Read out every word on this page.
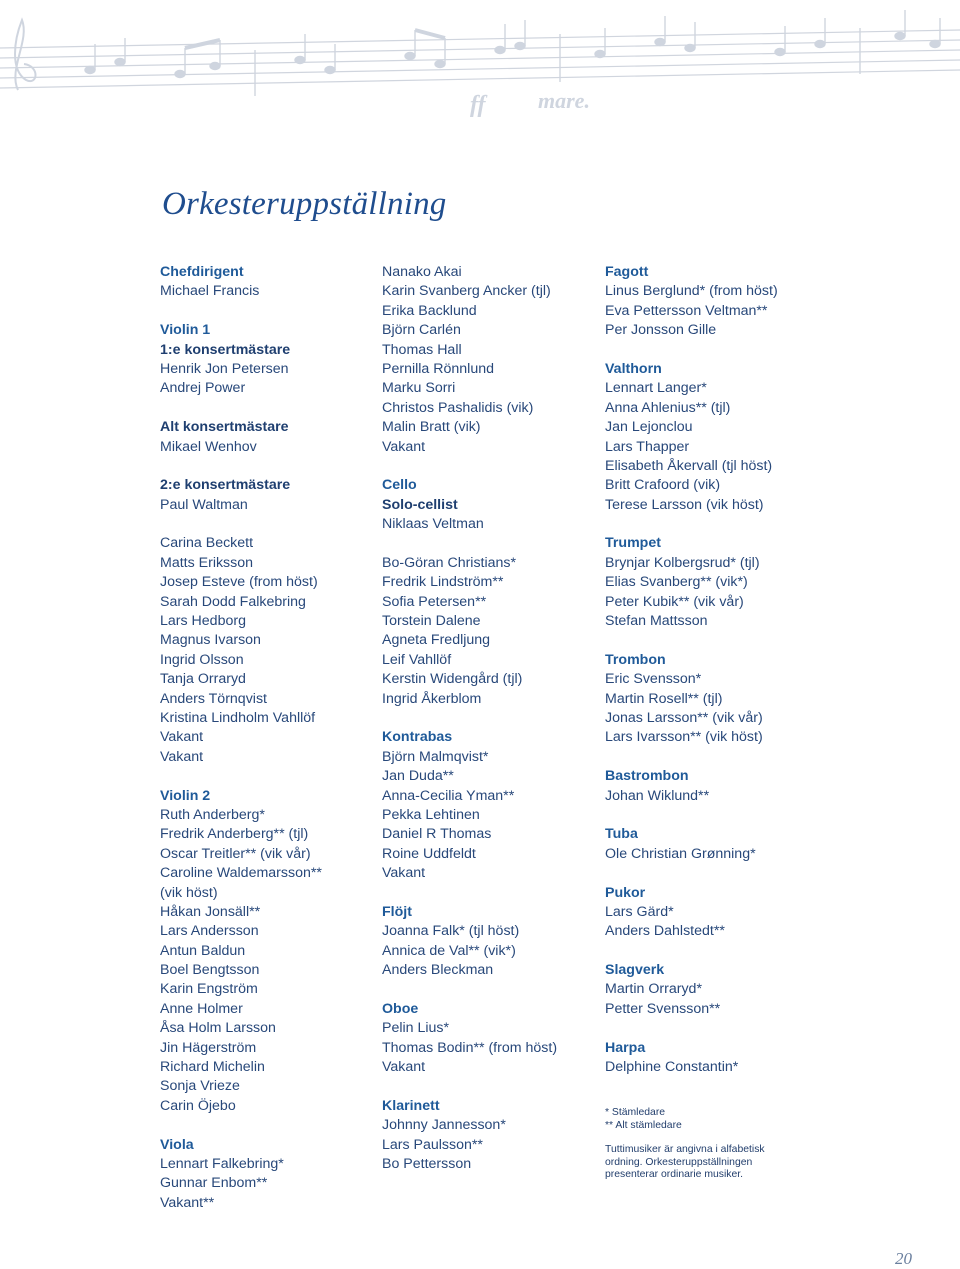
ff mare.
Orkesteruppställning
Chefdirigent
Michael Francis
Violin 1
1:e konsertmästare
Henrik Jon Petersen
Andrej Power
Alt konsertmästare
Mikael Wenhov
2:e konsertmästare
Paul Waltman
Carina Beckett
Matts Eriksson
Josep Esteve (from höst)
Sarah Dodd Falkebring
Lars Hedborg
Magnus Ivarson
Ingrid Olsson
Tanja Orraryd
Anders Törnqvist
Kristina Lindholm Vahllöf
Vakant
Vakant
Violin 2
Ruth Anderberg*
Fredrik Anderberg** (tjl)
Oscar Treitler** (vik vår)
Caroline Waldemarsson**
(vik höst)
Håkan Jonsäll**
Lars Andersson
Antun Baldun
Boel Bengtsson
Karin Engström
Anne Holmer
Åsa Holm Larsson
Jin Hägerström
Richard Michelin
Sonja Vrieze
Carin Öjebo
Viola
Lennart Falkebring*
Gunnar Enbom**
Vakant**
Nanako Akai
Karin Svanberg Ancker (tjl)
Erika Backlund
Björn Carlén
Thomas Hall
Pernilla Rönnlund
Marku Sorri
Christos Pashalidis (vik)
Malin Bratt (vik)
Vakant
Cello
Solo-cellist
Niklaas Veltman
Bo-Göran Christians*
Fredrik Lindström**
Sofia Petersen**
Torstein Dalene
Agneta Fredljung
Leif Vahllöf
Kerstin Widengård (tjl)
Ingrid Åkerblom
Kontrabas
Björn Malmqvist*
Jan Duda**
Anna-Cecilia Yman**
Pekka Lehtinen
Daniel R Thomas
Roine Uddfeldt
Vakant
Flöjt
Joanna Falk* (tjl höst)
Annica de Val** (vik*)
Anders Bleckman
Oboe
Pelin Lius*
Thomas Bodin** (from höst)
Vakant
Klarinett
Johnny Jannesson*
Lars Paulsson**
Bo Pettersson
Fagott
Linus Berglund* (from höst)
Eva Pettersson Veltman**
Per Jonsson Gille
Valthorn
Lennart Langer*
Anna Ahlenius** (tjl)
Jan Lejonclou
Lars Thapper
Elisabeth Åkervall (tjl höst)
Britt Crafoord (vik)
Terese Larsson (vik höst)
Trumpet
Brynjar Kolbergsrud* (tjl)
Elias Svanberg** (vik*)
Peter Kubik** (vik vår)
Stefan Mattsson
Trombon
Eric Svensson*
Martin Rosell** (tjl)
Jonas Larsson** (vik vår)
Lars Ivarsson** (vik höst)
Bastrombon
Johan Wiklund**
Tuba
Ole Christian Grønning*
Pukor
Lars Gärd*
Anders Dahlstedt**
Slagverk
Martin Orraryd*
Petter Svensson**
Harpa
Delphine Constantin*
* Stämledare
** Alt stämledare
Tuttimusiker är angivna i alfabetisk
ordning. Orkesteruppställningen
presenterar ordinarie musiker.
20
